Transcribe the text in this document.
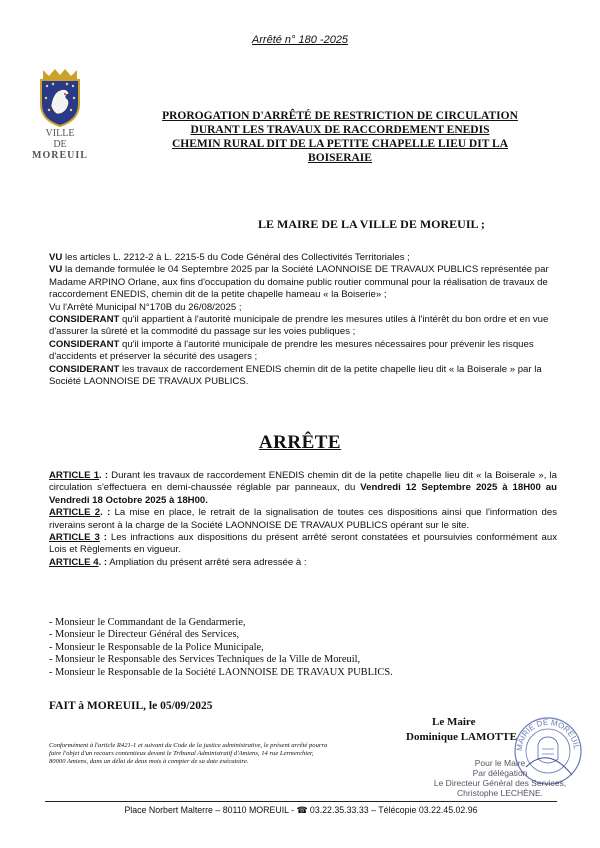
Arrêté n° 180 -2025
VILLE
DE
MOREUIL
PROROGATION D'ARRÊTÉ DE RESTRICTION DE CIRCULATION
DURANT LES TRAVAUX DE RACCORDEMENT ENEDIS
CHEMIN RURAL DIT DE LA PETITE CHAPELLE LIEU DIT LA
BOISERAIE
LE MAIRE DE LA VILLE DE MOREUIL ;

VU les articles L. 2212-2 à L. 2215-5 du Code Général des Collectivités Territoriales ;

VU la demande formulée le 04 Septembre 2025 par la Société LAONNOISE DE TRAVAUX PUBLICS représentée par Madame ARPINO Orlane, aux fins d'occupation du domaine public routier communal pour la réalisation de travaux de raccordement ENEDIS, chemin dit de la petite chapelle hameau « la Boiserie» ;

Vu l'Arrêté Municipal N°170B du 26/08/2025 ;

CONSIDERANT qu'il appartient à l'autorité municipale de prendre les mesures utiles à l'intérêt du bon ordre et en vue d'assurer la sûreté et la commodité du passage sur les voies publiques ;

CONSIDERANT qu'il importe à l'autorité municipale de prendre les mesures nécessaires pour prévenir les risques d'accidents et préserver la sécurité des usagers ;

CONSIDERANT les travaux de raccordement ENEDIS chemin dit de la petite chapelle lieu dit « la Boiserale » par la Société LAONNOISE DE TRAVAUX PUBLICS.

ARRÊTE

ARTICLE 1. : Durant les travaux de raccordement ENEDIS chemin dit de la petite chapelle lieu dit « la Boiserale », la circulation s'effectuera en demi-chaussée réglable par panneaux, du Vendredi 12 Septembre 2025 à 18H00 au Vendredi 18 Octobre 2025 à 18H00.

ARTICLE 2. : La mise en place, le retrait de la signalisation de toutes ces dispositions ainsi que l'information des riverains seront à la charge de la Société LAONNOISE DE TRAVAUX PUBLICS opérant sur le site.

ARTICLE 3 : Les infractions aux dispositions du présent arrêté seront constatées et poursuivies conformément aux Lois et Règlements en vigueur.

ARTICLE 4. : Ampliation du présent arrêté sera adressée à :

- Monsieur le Commandant de la Gendarmerie,
- Monsieur le Directeur Général des Services,
- Monsieur le Responsable de la Police Municipale,
- Monsieur le Responsable des Services Techniques de la Ville de Moreuil,
- Monsieur le Responsable de la Société LAONNOISE DE TRAVAUX PUBLICS.
FAIT à MOREUIL, le 05/09/2025
Le Maire
Dominique LAMOTTE
Conformément à l'article R421-1 et suivant du Code de la justice administrative, le présent arrêté pourra faire l'objet d'un recours contentieux devant le Tribunal Administratif d'Amiens, 14 rue Lermerchier, 80000 Amiens, dans un délai de deux mois à compter de sa date exécutoire.
MAIRIE DE MOREUIL
Pour le Maire
Par délégation
Le Directeur Général des Services,
Christophe LECHÈNE.
Place Norbert Malterre – 80110 MOREUIL - ☎ 03.22.35.33.33 – Télécopie 03.22.45.02.96
